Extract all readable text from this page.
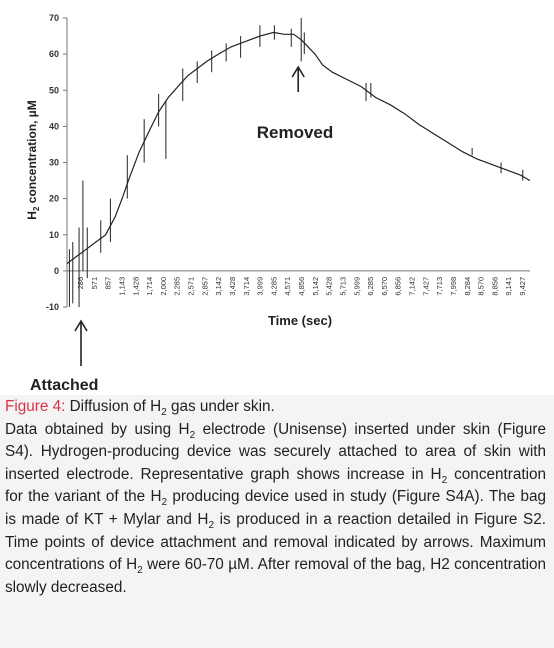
-10
0
10
20
30
40
50
60
70
286 571 857 1,143 1,428 1,714 2,000 2,285 2,571 2,857 3,142 3,428 3,714 3,999 4,285 4,571 4,856 5,142 5,428 5,713 5,999 6,285 6,570 6,856 7,142 7,427 7,713 7,998 8,284 8,570 8,856 9,141 9,427
Removed
Attached
$H_2$ concentration, µM
Time (sec)

Figure 4: Diffusion of $H_2$ gas under skin.

Data obtained by using $H_2$ electrode (Unisense) inserted under skin (Figure S4). Hydrogen-producing device was securely attached to area of skin with inserted electrode. Representative graph shows increase in $H_2$ concentration for the variant of the $H_2$ producing device used in study (Figure S4A). The bag is made of KT + Mylar and $H_2$ is produced in a reaction detailed in Figure S2. Time points of device attachment and removal indicated by arrows. Maximum concentrations of $H_2$ were 60-70 µM. After removal of the bag, H2 concentration slowly decreased.
